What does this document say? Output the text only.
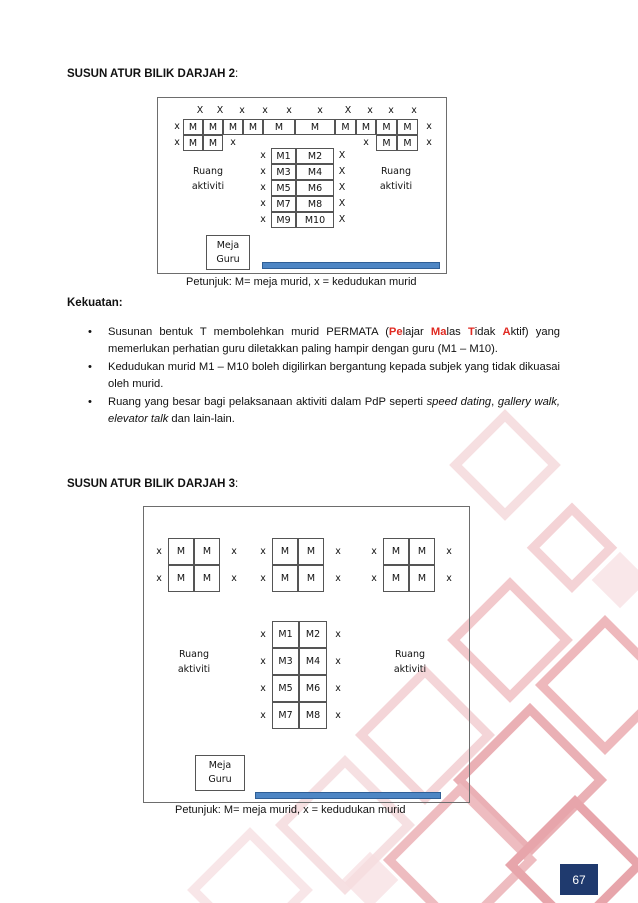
SUSUN ATUR BILIK DARJAH 2:
X	X	x	x	x	x	X	x	x	x
x M	M	M	M	M	M	M	M	M	M	x
x M	M	x	x	M	M	x
x	M1	M2	X
x	M3	M4	X
x	M5	M6	X
x	M7	M8	X
x	M9	M10	X
Ruang
aktiviti
Ruang
aktiviti
Meja
Guru
Petunjuk: M= meja murid, x = kedudukan murid
Kekuatan:
• Susunan bentuk T membolehkan murid PERMATA (Pelajar Malas Tidak Aktif) yang memerlukan perhatian guru diletakkan paling hampir dengan guru (M1 – M10).
• Kedudukan murid M1 – M10 boleh digilirkan bergantung kepada subjek yang tidak dikuasai oleh murid.
• Ruang yang besar bagi pelaksanaan aktiviti dalam PdP seperti speed dating, gallery walk, elevator talk dan lain-lain.
SUSUN ATUR BILIK DARJAH 3:
x	M	M	x
x	M	M	x
x	M	M	x
x	M	M	x
x	M	M	x
x	M	M	x
x	M1	M2	x
x	M3	M4	x
x	M5	M6	x
x	M7	M8	x
Ruang
aktiviti
Ruang
aktiviti
Meja
Guru
Petunjuk: M= meja murid, x = kedudukan murid
67
